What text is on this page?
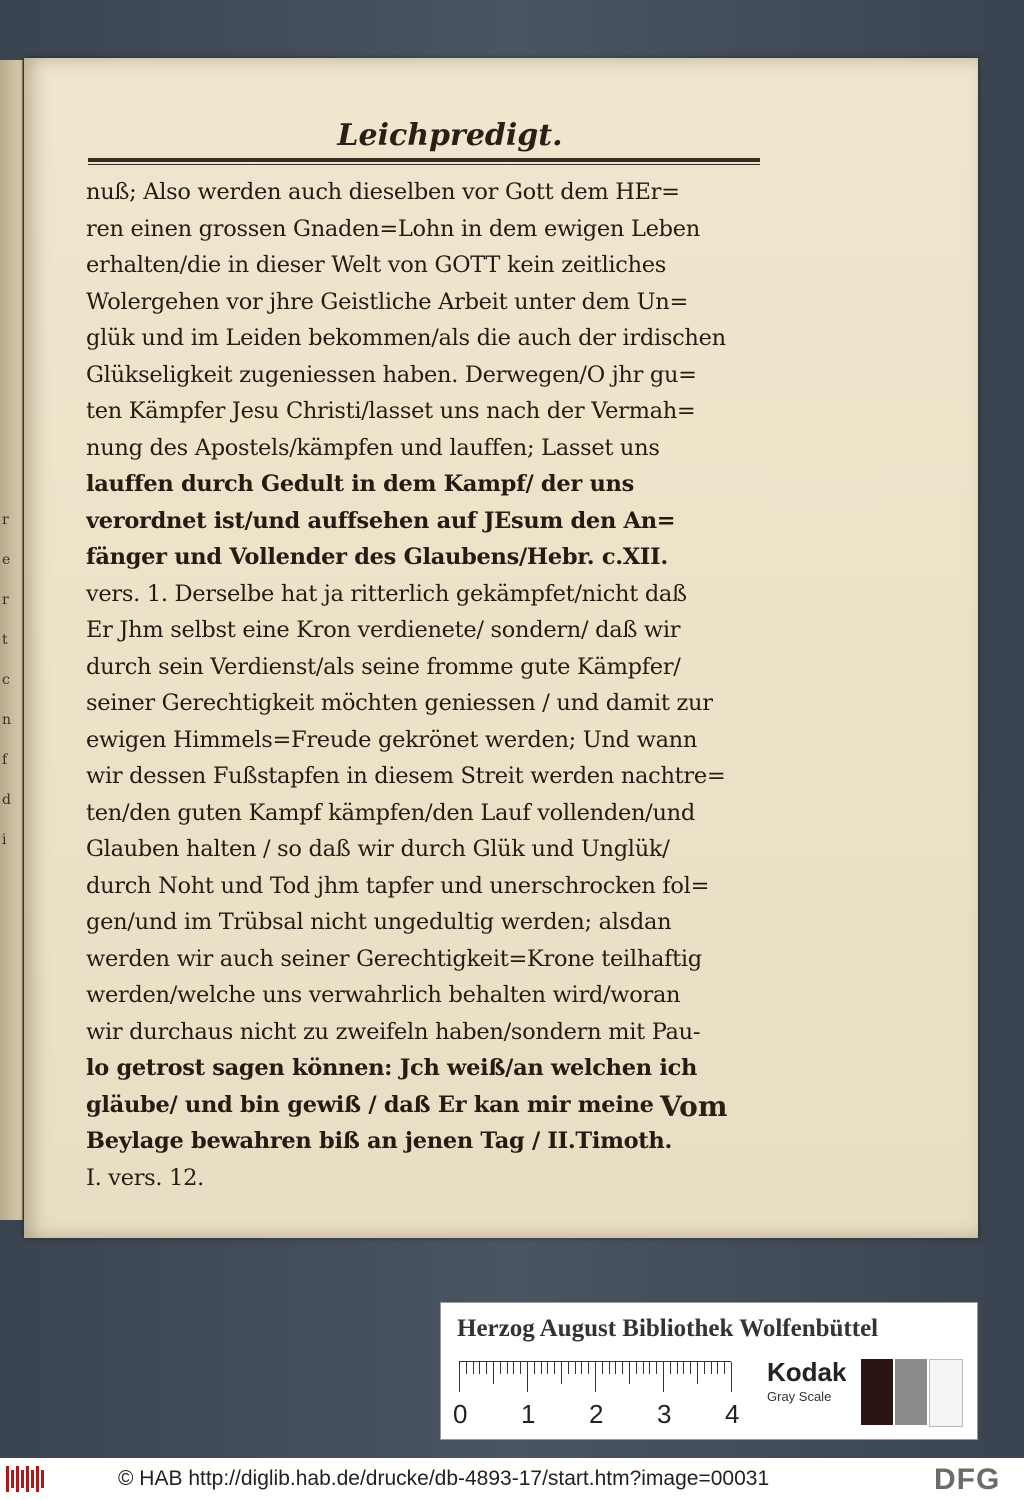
r
e
r
t
c
n
f
d
i
Leichpredigt.
nuß; Also werden auch dieselben vor Gott dem HEr=
ren einen grossen Gnaden=Lohn in dem ewigen Leben
erhalten/die in dieser Welt von GOTT kein zeitliches
Wolergehen vor jhre Geistliche Arbeit unter dem Un=
glük und im Leiden bekommen/als die auch der irdischen
Glükseligkeit zugeniessen haben. Derwegen/O jhr gu=
ten Kämpfer Jesu Christi/lasset uns nach der Vermah=
nung des Apostels/kämpfen und lauffen; Lasset uns
lauffen durch Gedult in dem Kampf/ der uns
verordnet ist/und auffsehen auf JEsum den An=
fänger und Vollender des Glaubens/Hebr. c.XII.
vers. 1. Derselbe hat ja ritterlich gekämpfet/nicht daß
Er Jhm selbst eine Kron verdienete/ sondern/ daß wir
durch sein Verdienst/als seine fromme gute Kämpfer/
seiner Gerechtigkeit möchten geniessen / und damit zur
ewigen Himmels=Freude gekrönet werden; Und wann
wir dessen Fußstapfen in diesem Streit werden nachtre=
ten/den guten Kampf kämpfen/den Lauf vollenden/und
Glauben halten / so daß wir durch Glük und Unglük/
durch Noht und Tod jhm tapfer und unerschrocken fol=
gen/und im Trübsal nicht ungedultig werden; alsdan
werden wir auch seiner Gerechtigkeit=Krone teilhaftig
werden/welche uns verwahrlich behalten wird/woran
wir durchaus nicht zu zweifeln haben/sondern mit Pau-
lo getrost sagen können: Jch weiß/an welchen ich
gläube/ und bin gewiß / daß Er kan mir meine
Beylage bewahren biß an jenen Tag / II.Timoth.
I. vers. 12.
Vom
Herzog August Bibliothek Wolfenbüttel
0 1 2 3 4
Kodak
Gray Scale
© HAB http://diglib.hab.de/drucke/db-4893-17/start.htm?image=00031	DFG
